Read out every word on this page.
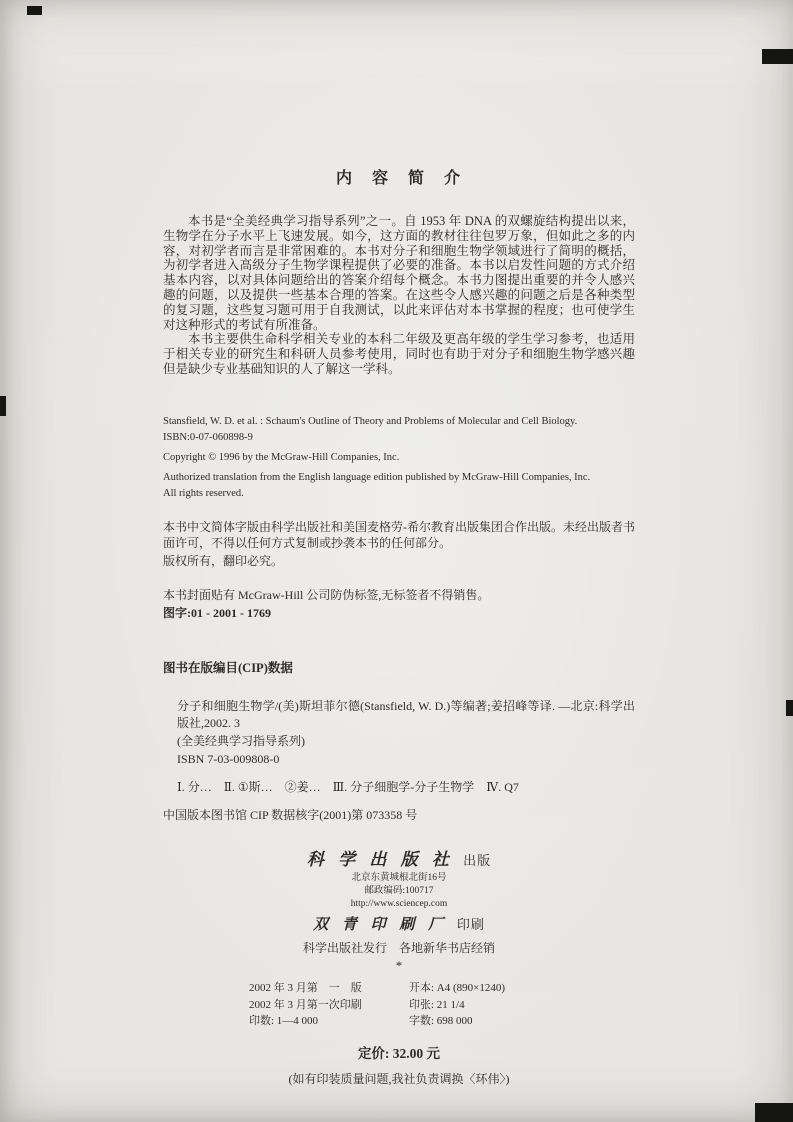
内　容　简　介

本书是“全美经典学习指导系列”之一。自 1953 年 DNA 的双螺旋结构提出以来，生物学在分子水平上飞速发展。如今，这方面的教材往往包罗万象，但如此之多的内容，对初学者而言是非常困难的。本书对分子和细胞生物学领域进行了简明的概括，为初学者进入高级分子生物学课程提供了必要的准备。本书以启发性问题的方式介绍基本内容，以对具体问题给出的答案介绍每个概念。本书力图提出重要的并令人感兴趣的问题，以及提供一些基本合理的答案。在这些令人感兴趣的问题之后是各种类型的复习题，这些复习题可用于自我测试，以此来评估对本书掌握的程度；也可使学生对这种形式的考试有所准备。

本书主要供生命科学相关专业的本科二年级及更高年级的学生学习参考，也适用于相关专业的研究生和科研人员参考使用，同时也有助于对分子和细胞生物学感兴趣但是缺少专业基础知识的人了解这一学科。

Stansfield, W. D. et al. : Schaum's Outline of Theory and Problems of Molecular and Cell Biology.

ISBN:0-07-060898-9

Copyright © 1996 by the McGraw-Hill Companies, Inc.

Authorized translation from the English language edition published by McGraw-Hill Companies, Inc.

All rights reserved.

本书中文简体字版由科学出版社和美国麦格劳-希尔教育出版集团合作出版。未经出版者书面许可，不得以任何方式复制或抄袭本书的任何部分。

版权所有，翻印必究。

本书封面贴有 McGraw-Hill 公司防伪标签,无标签者不得销售。

图字:01 - 2001 - 1769

图书在版编目(CIP)数据

分子和细胞生物学/(美)斯坦菲尔德(Stansfield, W. D.)等编著;姜招峰等译. —北京:科学出版社,2002. 3

(全美经典学习指导系列)

ISBN 7-03-009808-0

Ⅰ. 分…　Ⅱ. ①斯…　②姜…　Ⅲ. 分子细胞学-分子生物学　Ⅳ. Q7

中国版本图书馆 CIP 数据核字(2001)第 073358 号

科 学 出 版 社 出版

北京东黄城根北街16号

邮政编码:100717

http://www.sciencep.com

双 青 印 刷 厂 印刷

科学出版社发行　各地新华书店经销

*

2002 年 3 月第　一　版	开本: A4 (890×1240)
2002 年 3 月第一次印刷	印张: 21 1/4
印数: 1—4 000	字数: 698 000

定价: 32.00 元

(如有印装质量问题,我社负责调换〈环伟〉)
